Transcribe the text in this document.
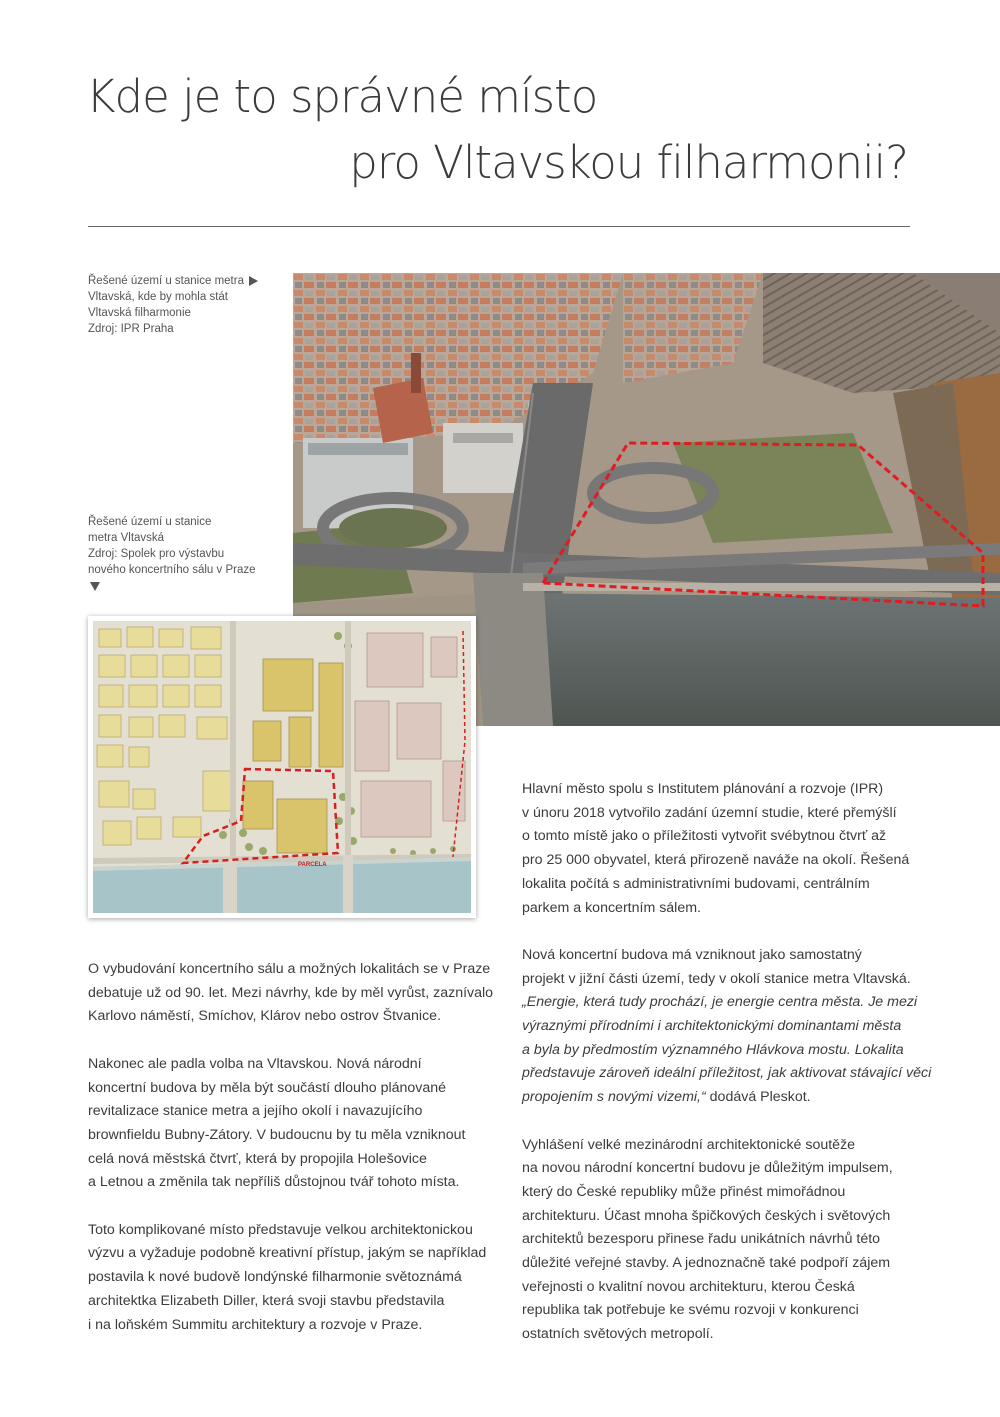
Kde je to správné místo
pro Vltavskou filharmonii?
Řešené území u stanice metra
Vltavská, kde by mohla stát
Vltavská filharmonie
Zdroj: IPR Praha
Řešené území u stanice
metra Vltavská
Zdroj: Spolek pro výstavbu
nového koncertního sálu v Praze
PARCELA

O vybudování koncertního sálu a možných lokalitách se v Praze
debatuje už od 90. let. Mezi návrhy, kde by měl vyrůst, zaznívalo
Karlovo náměstí, Smíchov, Klárov nebo ostrov Štvanice.

Nakonec ale padla volba na Vltavskou. Nová národní
koncertní budova by měla být součástí dlouho plánované
revitalizace stanice metra a jejího okolí i navazujícího
brownfieldu Bubny-Zátory. V budoucnu by tu měla vzniknout
celá nová městská čtvrť, která by propojila Holešovice
a Letnou a změnila tak nepříliš důstojnou tvář tohoto místa.

Toto komplikované místo představuje velkou architektonickou
výzvu a vyžaduje podobně kreativní přístup, jakým se například
postavila k nové budově londýnské filharmonie světoznámá
architektka Elizabeth Diller, která svoji stavbu představila
i na loňském Summitu architektury a rozvoje v Praze.

Hlavní město spolu s Institutem plánování a rozvoje (IPR)
v únoru 2018 vytvořilo zadání územní studie, které přemýšlí
o tomto místě jako o příležitosti vytvořit svébytnou čtvrť až
pro 25 000 obyvatel, která přirozeně naváže na okolí. Řešená
lokalita počítá s administrativními budovami, centrálním
parkem a koncertním sálem.

Nová koncertní budova má vzniknout jako samostatný
projekt v jižní části území, tedy v okolí stanice metra Vltavská.
„Energie, která tudy prochází, je energie centra města. Je mezi
výraznými přírodními i architektonickými dominantami města
a byla by předmostím významného Hlávkova mostu. Lokalita
představuje zároveň ideální příležitost, jak aktivovat stávající věci
propojením s novými vizemi,“ dodává Pleskot.

Vyhlášení velké mezinárodní architektonické soutěže
na novou národní koncertní budovu je důležitým impulsem,
který do České republiky může přinést mimořádnou
architekturu. Účast mnoha špičkových českých i světových
architektů bezesporu přinese řadu unikátních návrhů této
důležité veřejné stavby. A jednoznačně také podpoří zájem
veřejnosti o kvalitní novou architekturu, kterou Česká
republika tak potřebuje ke svému rozvoji v konkurenci
ostatních světových metropolí.
